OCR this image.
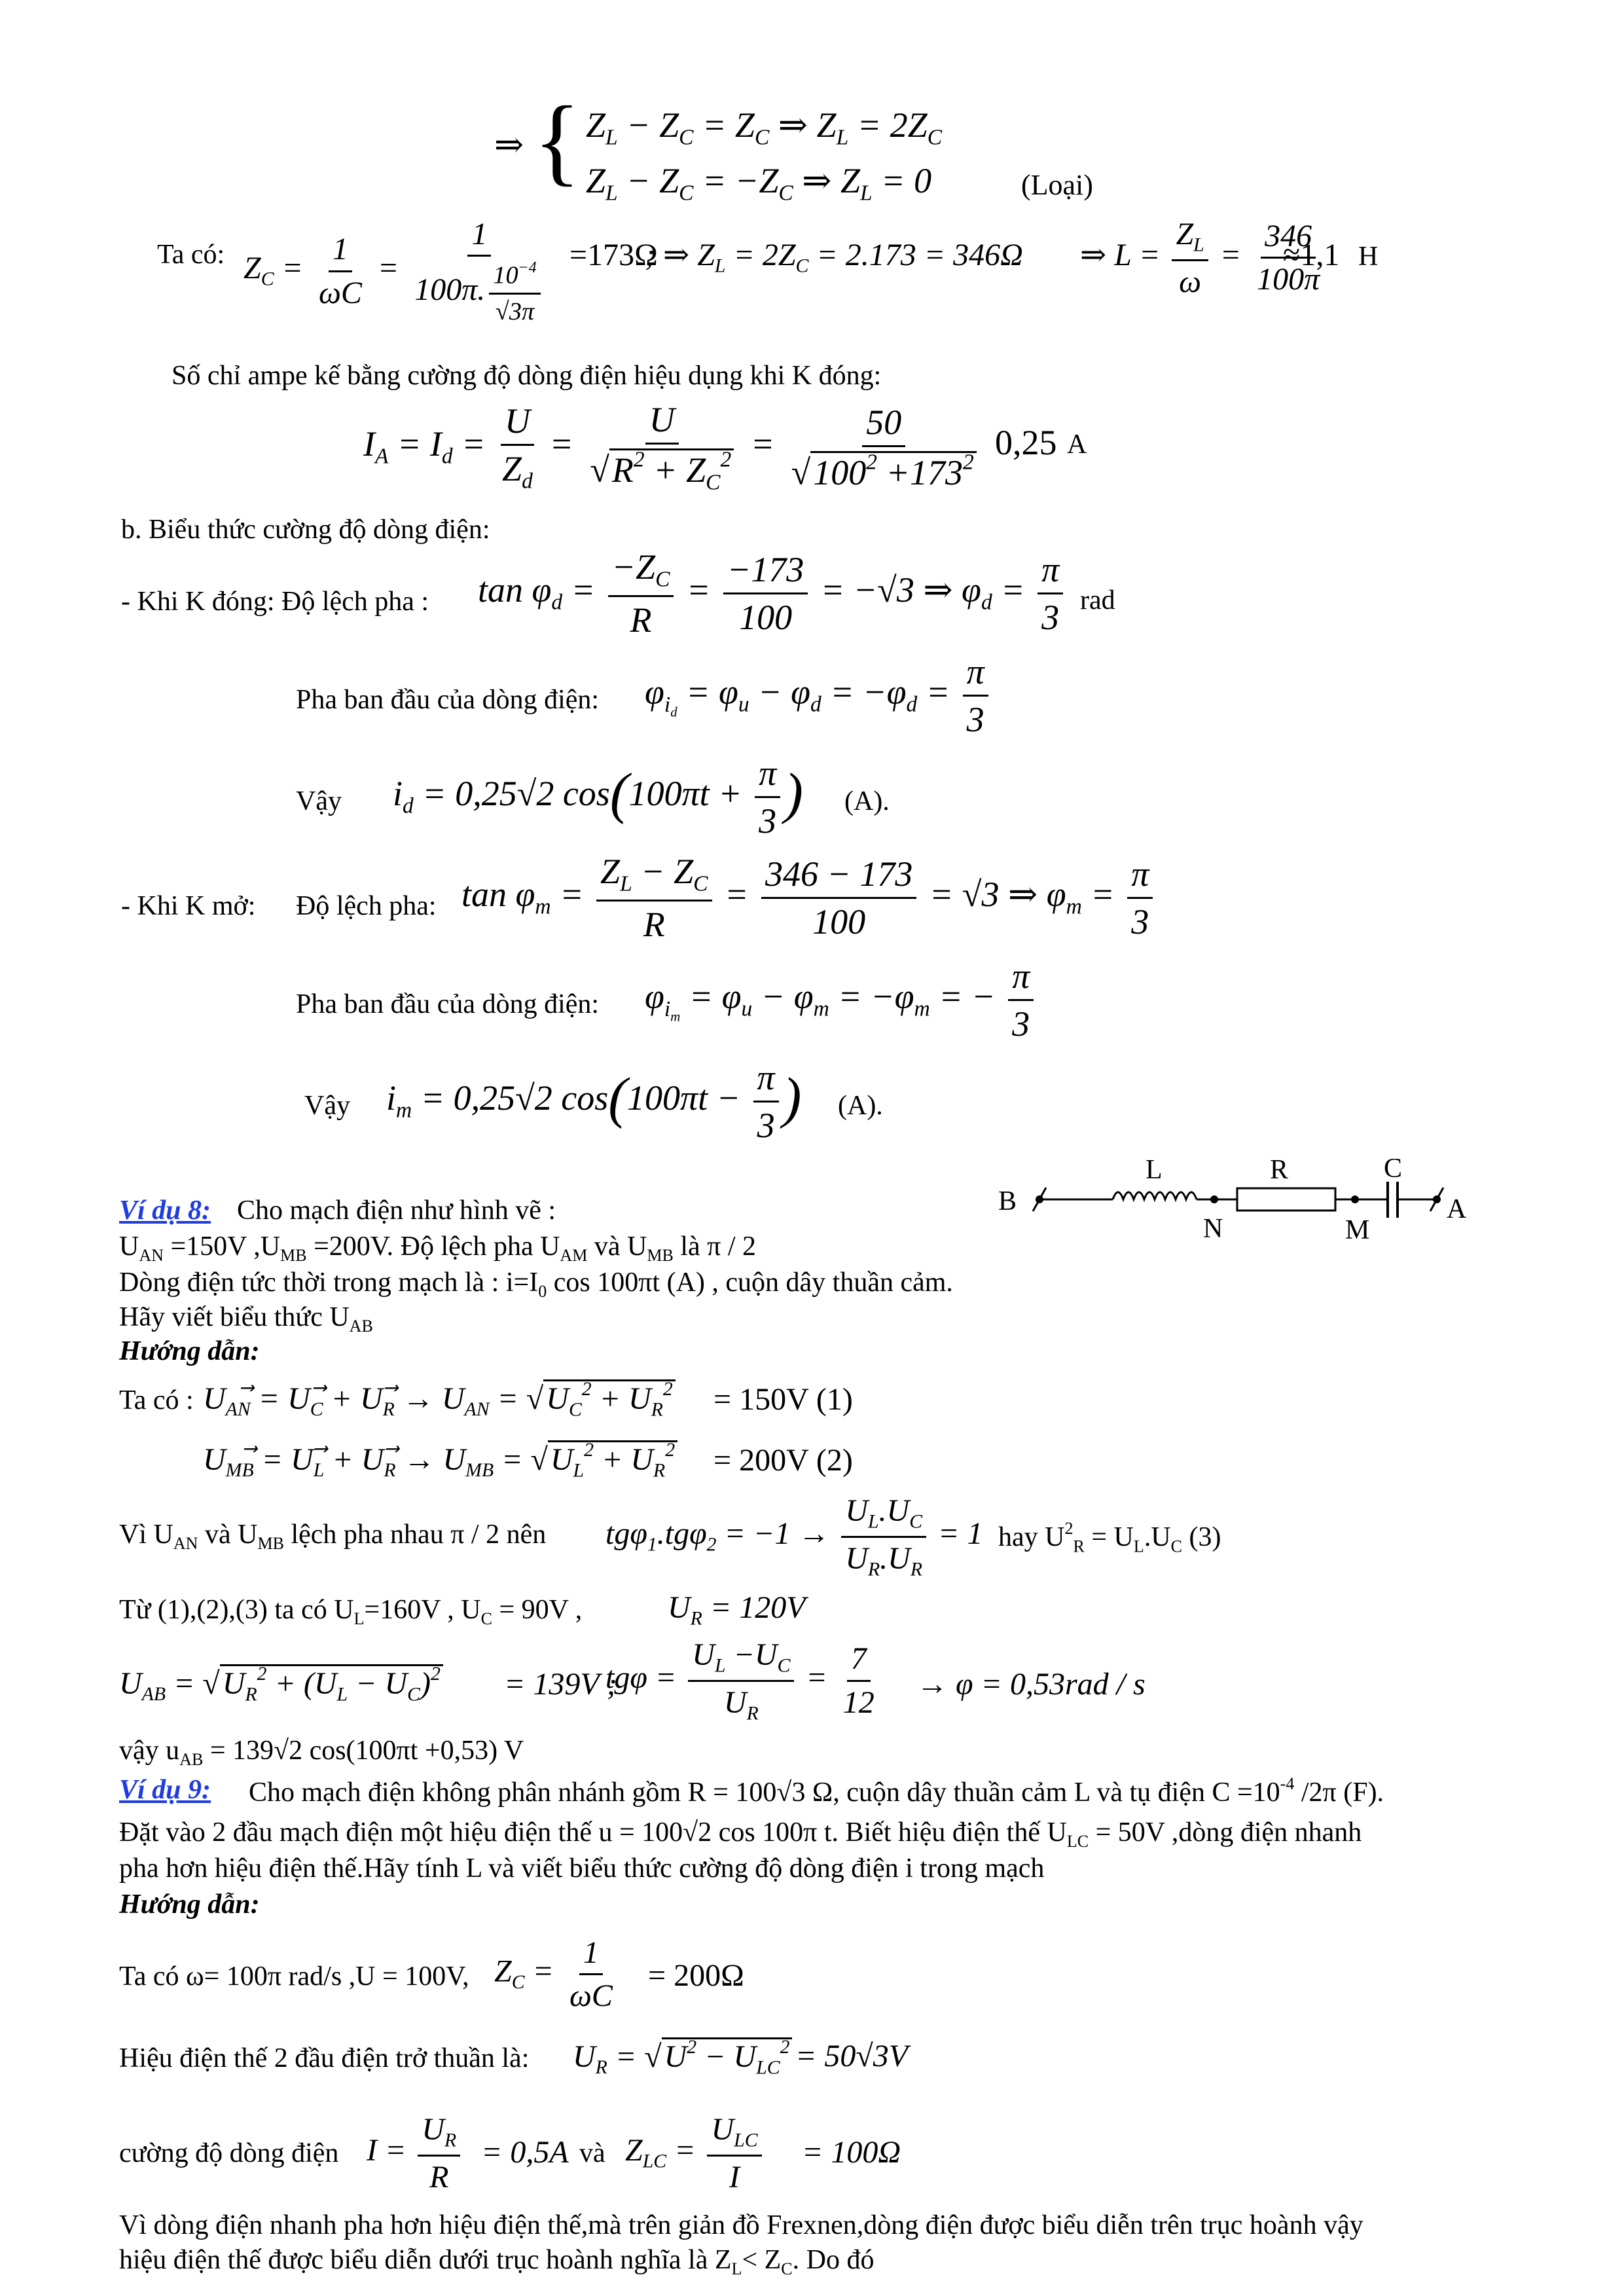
⇒ { $Z_L - Z_C = Z_C$ ⇒ $Z_L = 2Z_C$
$Z_L - Z_C = -Z_C$ ⇒ $Z_L = 0$	(Loại)
Ta có: $Z_C = \frac{1}{\omega C} = \frac{1}{100\pi. \frac{10^{-4}}{√3\pi}} =173\Omega$
; ⇒ $Z_L = 2Z_C = 2.173 = 346\Omega$ ⇒ $L = \frac{Z_L}{\omega} = \frac{346}{100\pi}$
≈1,1 H
Số chỉ ampe kế bằng cường độ dòng điện hiệu dụng khi K đóng:
$I_A = I_d = \frac{U}{Z_d} = \frac{U}{√R^2 + Z_C^2} = \frac{50}{√100^2 +173^2} 0,25$ A
b. Biểu thức cường độ dòng điện:
- Khi K đóng: Độ lệch pha : $\tan \varphi_d = \frac{-Z_C}{R} = \frac{-173}{100} = -√3$ ⇒ $\varphi_d = \frac{\pi}{3}$ rad
Pha ban đầu của dòng điện: $\varphi_{i_d} = \varphi_u - \varphi_d = -\varphi_d = \frac{\pi}{3}$
Vậy $i_d = 0,25√2$ $\cos(100\pi t + \frac{\pi}{3}$ ) (A).
- Khi K mở: Độ lệch pha: $\tan \varphi_m = \frac{Z_L - Z_C}{R} = \frac{346 - 173}{100} = √3$ ⇒ $\varphi_m = \frac{\pi}{3}$
Pha ban đầu của dòng điện: $\varphi_{i_m} = \varphi_u - \varphi_m = -\varphi_m$ = − $\frac{\pi}{3}$
Vậy $i_m = 0,25√2$ $\cos(100\pi t - \frac{\pi}{3}$ ) (A).
Ví dụ 8: Cho mạch điện như hình vẽ :	B
L
N
R
M
C
A
$U_{AN} =150V$ $,U_{MB} =200V$. Độ lệch pha $U_{AM}$ và $U_{MB}$ là π / 2
Dòng điện tức thời trong mạch là : $i=I_0$ cos 100πt (A) , cuộn dây thuần cảm.
Hãy viết biểu thức $U_{AB}$
Hướng dẫn:
Ta có : $U_{AN}⃗$ = $U_C⃗$ + $U_R⃗ \to U_{AN} = √U_C^2 + U_R^2 = 150V$ (1)
$U_{MB}⃗$ = $U_L⃗$ + $U_R⃗ \to U_{MB} = √U_L^2 + U_R^2 = 200V$ (2)
Vì $U_{AN}$ và $U_{MB}$ lệch pha nhau π / 2 nên $tg\varphi_1.tg\varphi_2 = -1 \to \frac{U_L.U_C}{U_R.U_R} = 1$ hay $U^2_R = U_L.U_C$ (3)
Từ (1),(2),(3) ta có $U_L=160V$ , $U_C = 90V$ ,	$U_R = 120V$
$U_{AB} = √U_R^2 + (U_L - U_C)^2 = 139V$ ;
$tg\varphi = \frac{U_L -U_C}{U_R} = \frac{7}{12} \to \varphi = 0,53rad / s$
vậy $u_{AB} = 139√2$ cos(100πt +0,53) V
Ví dụ 9: Cho mạch điện không phân nhánh gồm R = 100√3 Ω, cuộn dây thuần cảm L và tụ điện $C =10^{-4}$ /2π (F).
Đặt vào 2 đầu mạch điện một hiệu điện thế u = 100√2 cos 100π t. Biết hiệu điện thế $U_{LC} = 50V$ ,dòng điện nhanh
pha hơn hiệu điện thế.Hãy tính L và viết biểu thức cường độ dòng điện i trong mạch
Hướng dẫn:
Ta có ω= 100π rad/s ,U = 100V, $Z_C = \frac{1}{\omega C} = 200\Omega$
Hiệu điện thế 2 đầu điện trở thuần là: $U_R = √U^2 - U_{LC}^2 = 50√3V$
cường độ dòng điện $I = \frac{U_R}{R} = 0,5A$ và $Z_{LC} = \frac{U_{LC}}{I} = 100\Omega$
Vì dòng điện nhanh pha hơn hiệu điện thế,mà trên giản đồ Frexnen,dòng điện được biểu diễn trên trục hoành vậy
hiệu điện thế được biểu diễn dưới trục hoành nghĩa là $Z_L< Z_C$. Do đó
